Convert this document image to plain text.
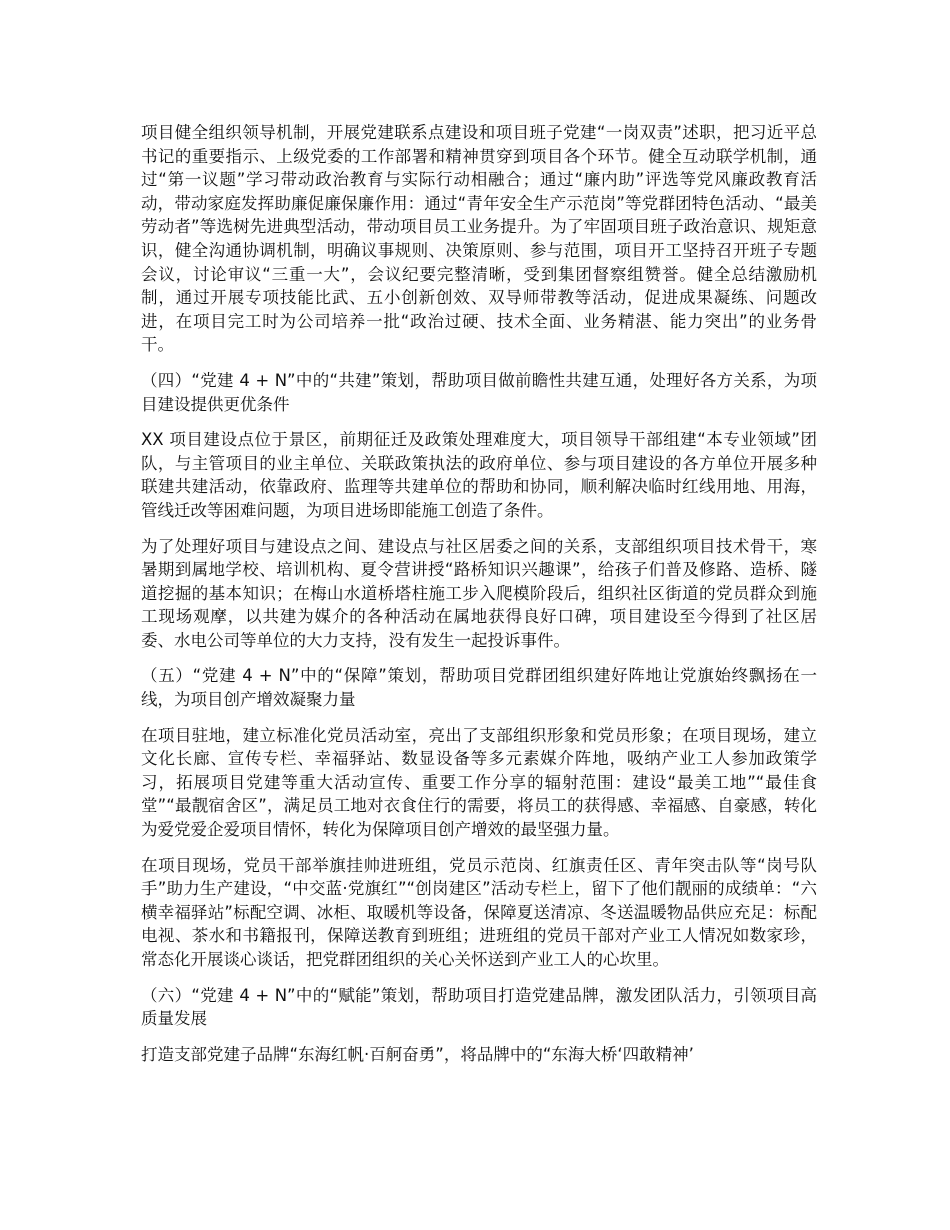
项目健全组织领导机制，开展党建联系点建设和项目班子党建“一岗双责”述职，把习近平总书记的重要指示、上级党委的工作部署和精神贯穿到项目各个环节。健全互动联学机制，通过“第一议题”学习带动政治教育与实际行动相融合；通过“廉内助”评选等党风廉政教育活动，带动家庭发挥助廉促廉保廉作用：通过“青年安全生产示范岗”等党群团特色活动、“最美劳动者”等选树先进典型活动，带动项目员工业务提升。为了牢固项目班子政治意识、规矩意识，健全沟通协调机制，明确议事规则、决策原则、参与范围，项目开工坚持召开班子专题会议，讨论审议“三重一大”，会议纪要完整清晰，受到集团督察组赞誉。健全总结激励机制，通过开展专项技能比武、五小创新创效、双导师带教等活动，促进成果凝练、问题改进，在项目完工时为公司培养一批“政治过硬、技术全面、业务精湛、能力突出”的业务骨干。

（四）“党建 4 + N”中的“共建”策划，帮助项目做前瞻性共建互通，处理好各方关系，为项目建设提供更优条件

XX 项目建设点位于景区，前期征迁及政策处理难度大，项目领导干部组建“本专业领域”团队，与主管项目的业主单位、关联政策执法的政府单位、参与项目建设的各方单位开展多种联建共建活动，依靠政府、监理等共建单位的帮助和协同，顺利解决临时红线用地、用海，管线迁改等困难问题，为项目进场即能施工创造了条件。

为了处理好项目与建设点之间、建设点与社区居委之间的关系，支部组织项目技术骨干，寒暑期到属地学校、培训机构、夏令营讲授“路桥知识兴趣课”，给孩子们普及修路、造桥、隧道挖掘的基本知识；在梅山水道桥塔柱施工步入爬模阶段后，组织社区街道的党员群众到施工现场观摩，以共建为媒介的各种活动在属地获得良好口碑，项目建设至今得到了社区居委、水电公司等单位的大力支持，没有发生一起投诉事件。

（五）“党建 4 + N”中的“保障”策划，帮助项目党群团组织建好阵地让党旗始终飘扬在一线，为项目创产增效凝聚力量

在项目驻地，建立标准化党员活动室，亮出了支部组织形象和党员形象；在项目现场，建立文化长廊、宣传专栏、幸福驿站、数显设备等多元素媒介阵地，吸纳产业工人参加政策学习，拓展项目党建等重大活动宣传、重要工作分享的辐射范围：建设“最美工地”“最佳食堂”“最靓宿舍区”，满足员工地对衣食住行的需要，将员工的获得感、幸福感、自豪感，转化为爱党爱企爱项目情怀，转化为保障项目创产增效的最坚强力量。

在项目现场，党员干部举旗挂帅进班组，党员示范岗、红旗责任区、青年突击队等“岗号队手”助力生产建设，“中交蓝·党旗红”“创岗建区”活动专栏上，留下了他们靓丽的成绩单：“六横幸福驿站”标配空调、冰柜、取暖机等设备，保障夏送清凉、冬送温暖物品供应充足：标配电视、茶水和书籍报刊，保障送教育到班组；进班组的党员干部对产业工人情况如数家珍，常态化开展谈心谈话，把党群团组织的关心关怀送到产业工人的心坎里。

（六）“党建 4 + N”中的“赋能”策划，帮助项目打造党建品牌，激发团队活力，引领项目高质量发展

打造支部党建子品牌“东海红帆·百舸奋勇”，将品牌中的“东海大桥‘四敢精神’
